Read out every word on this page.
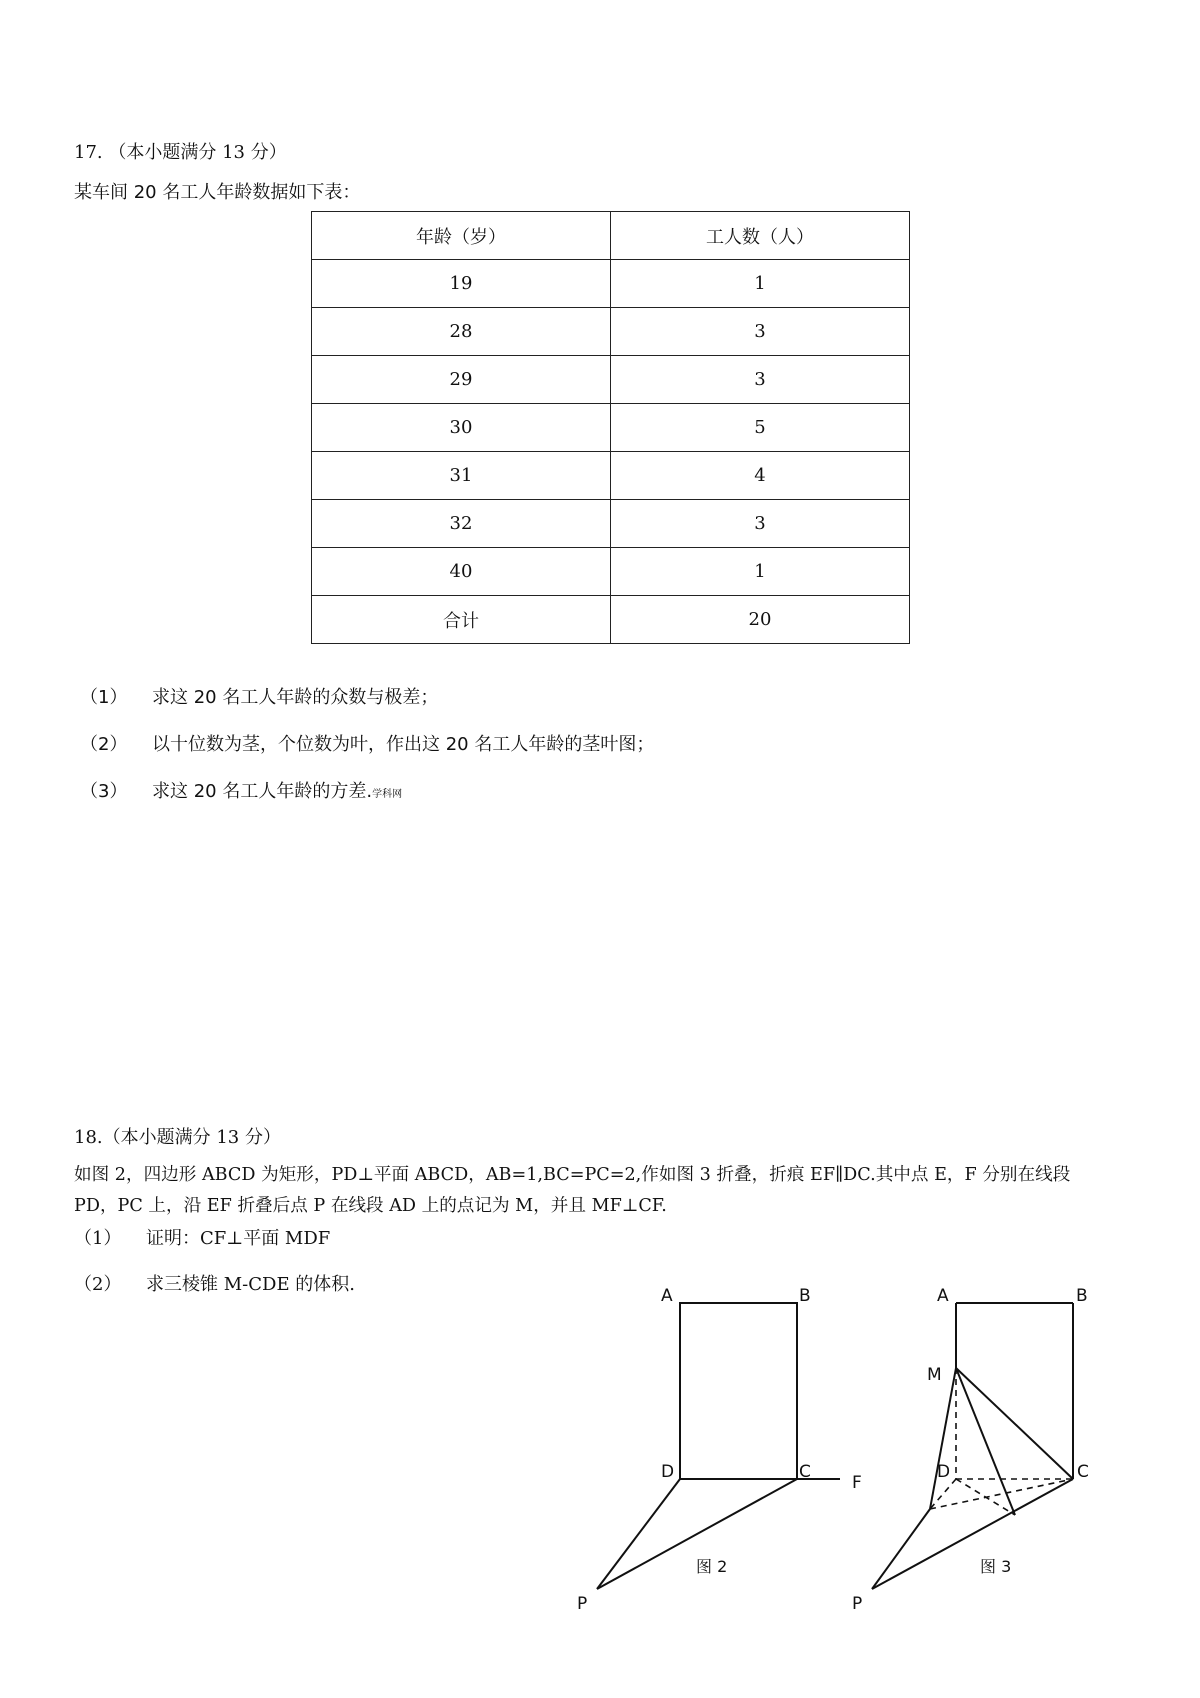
17. （本小题满分 13 分）
某车间 20 名工人年龄数据如下表：
年龄（岁）	工人数（人）
19	1
28	3
29	3
30	5
31	4
32	3
40	1
合计	20
（1） 求这 20 名工人年龄的众数与极差；
（2） 以十位数为茎，个位数为叶，作出这 20 名工人年龄的茎叶图；
（3） 求这 20 名工人年龄的方差.学科网
18.（本小题满分 13 分）
如图 2，四边形 ABCD 为矩形，PD⊥平面 ABCD，AB=1,BC=PC=2,作如图 3 折叠，折痕 EF∥DC.其中点 E，F 分别在线段
PD，PC 上，沿 EF 折叠后点 P 在线段 AD 上的点记为 M，并且 MF⊥CF.
（1） 证明：CF⊥平面 MDF
（2） 求三棱锥 M-CDE 的体积.
A	B
D	C
F
P
图 2
A	B
M
D	C
P
图 3
